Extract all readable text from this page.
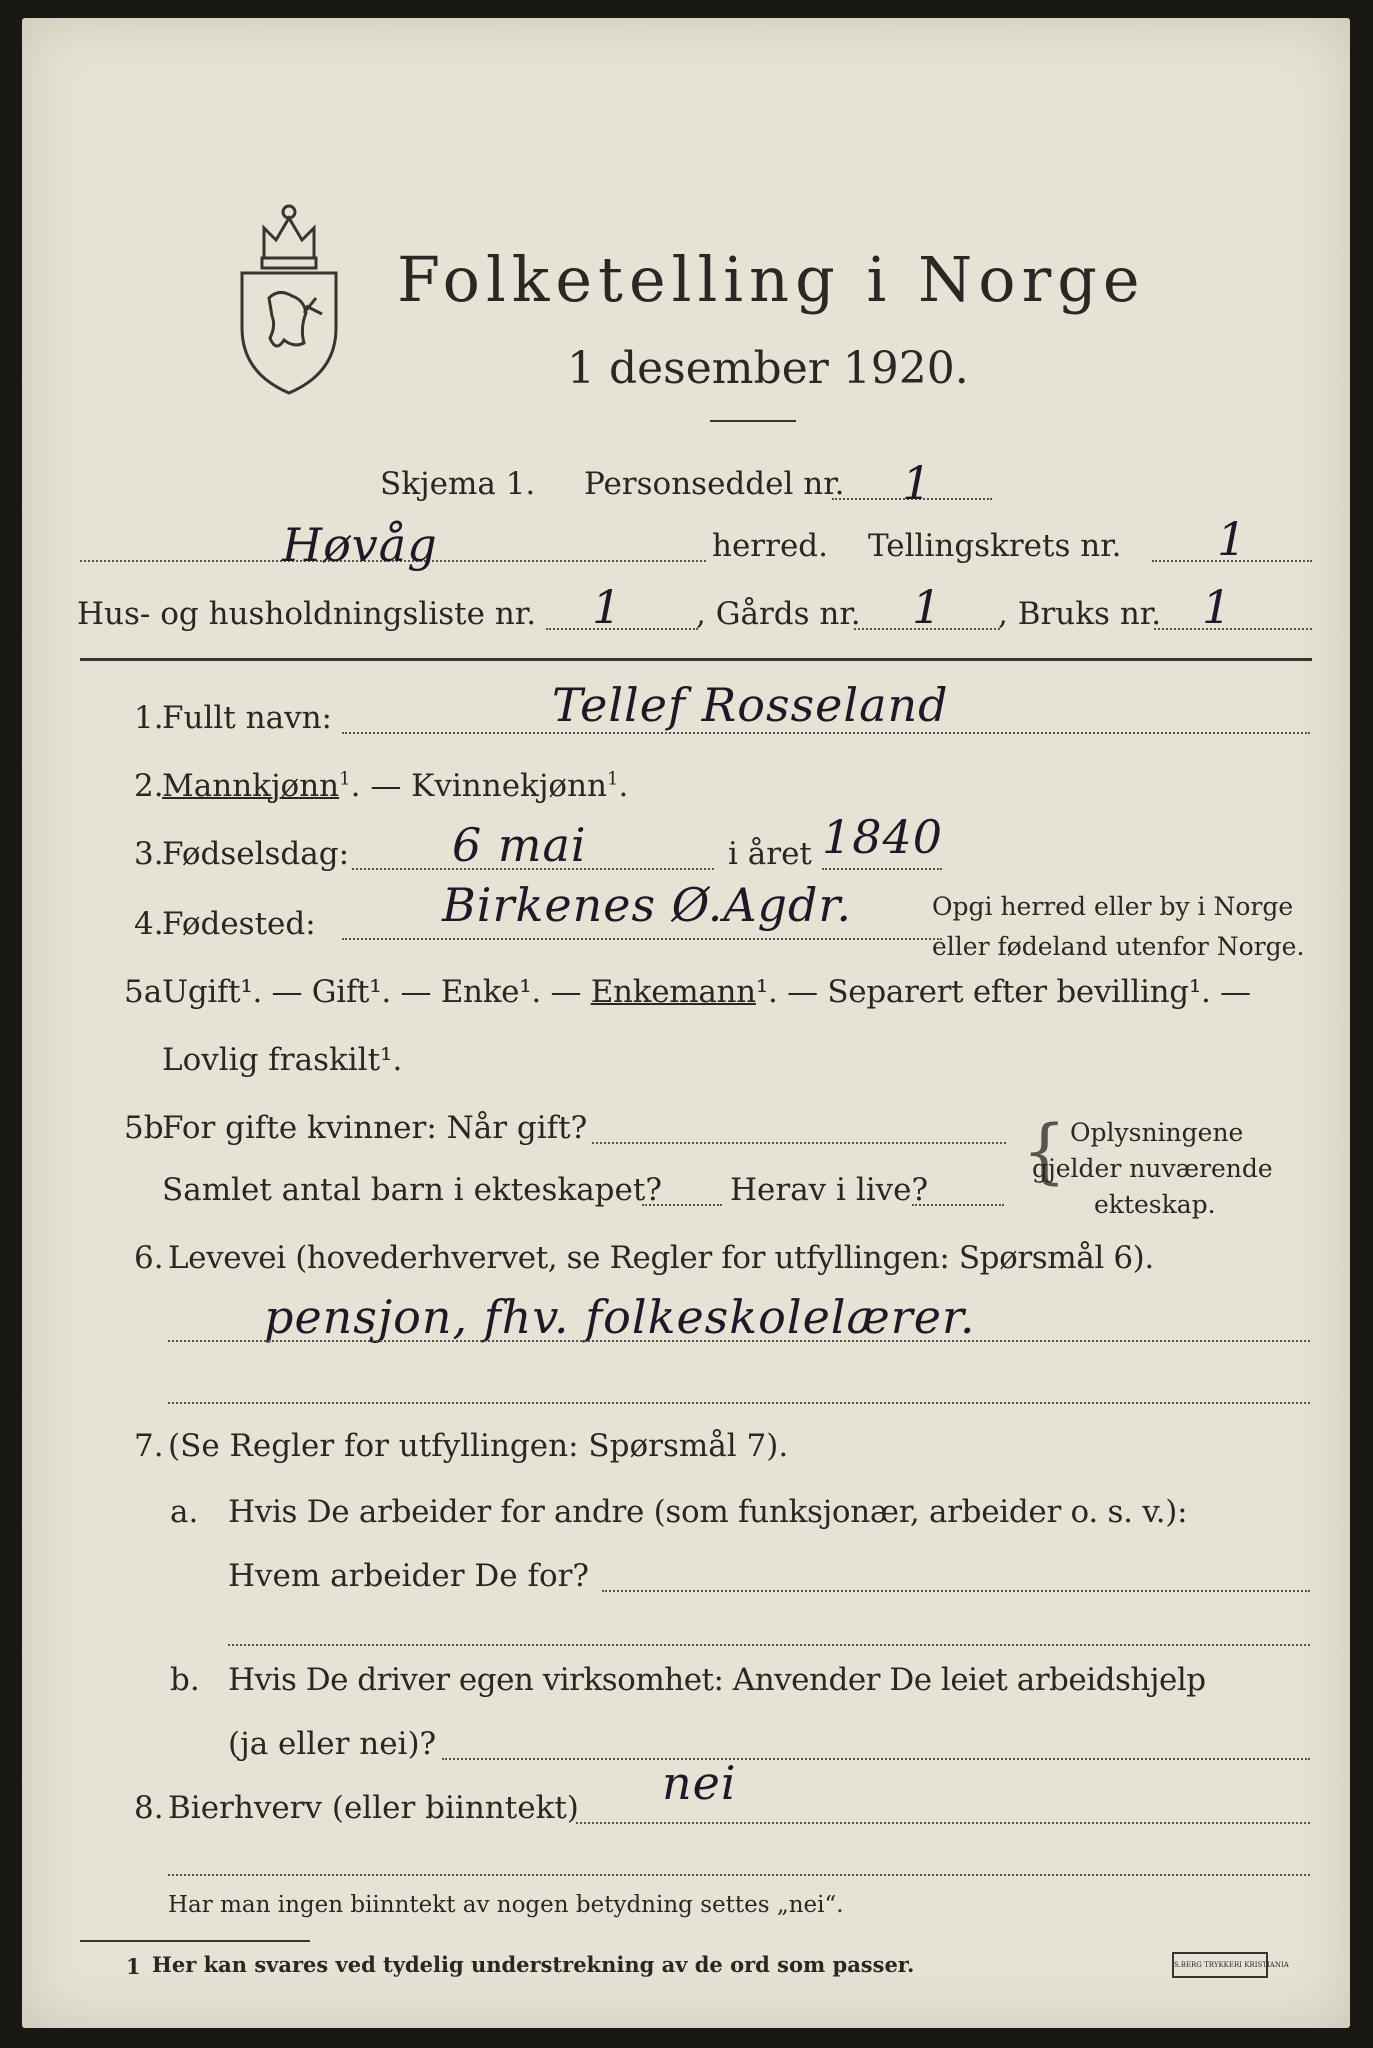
Folketelling i Norge
1 desember 1920.
Skjema 1. Personseddel nr. 1
Høvåg	herred. Tellingskrets nr. 1
Hus- og husholdningsliste nr. 1 , Gårds nr. 1 , Bruks nr. 1
1.
Fullt navn:	Tellef Rosseland
2.
Mannkjønn$^1$. — Kvinnekjønn$^1$.
3.
Fødselsdag: 6 mai	i året 1840
4.
Fødested:	Birkenes Ø.Agdr.	Opgi herred eller by i Norge
eller fødeland utenfor Norge.
5a Ugift¹. — Gift¹. — Enke¹. — Enkemann¹. — Separert efter bevilling¹. —
Lovlig fraskilt¹.
5b
For gifte kvinner: Når gift?
Samlet antal barn i ekteskapet? Herav i live? { Oplysningene
gjelder nuværende
ekteskap.
6. Levevei (hovederhvervet, se Regler for utfyllingen: Spørsmål 6).
pensjon, fhv. folkeskolelærer.
7. (Se Regler for utfyllingen: Spørsmål 7).
a. Hvis De arbeider for andre (som funksjonær, arbeider o. s. v.):
Hvem arbeider De for?
b. Hvis De driver egen virksomhet: Anvender De leiet arbeidshjelp
(ja eller nei)?
8. Bierhverv (eller biinntekt) nei
Har man ingen biinntekt av nogen betydning settes „nei“.
1 Her kan svares ved tydelig understrekning av de ord som passer.	S.BERG TRYKKERI KRISTIANIA
